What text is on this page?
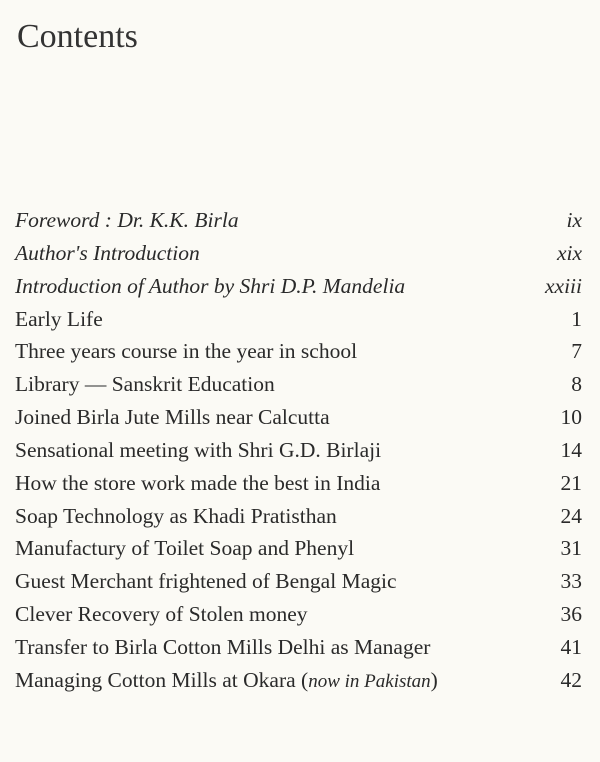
Contents
Foreword : Dr. K.K. Birla	ix
Author's Introduction	xix
Introduction of Author by Shri D.P. Mandelia	xxiii
Early Life	1
Three years course in the year in school	7
Library — Sanskrit Education	8
Joined Birla Jute Mills near Calcutta	10
Sensational meeting with Shri G.D. Birlaji	14
How the store work made the best in India	21
Soap Technology as Khadi Pratisthan	24
Manufactury of Toilet Soap and Phenyl	31
Guest Merchant frightened of Bengal Magic	33
Clever Recovery of Stolen money	36
Transfer to Birla Cotton Mills Delhi as Manager	41
Managing Cotton Mills at Okara (now in Pakistan)	42
